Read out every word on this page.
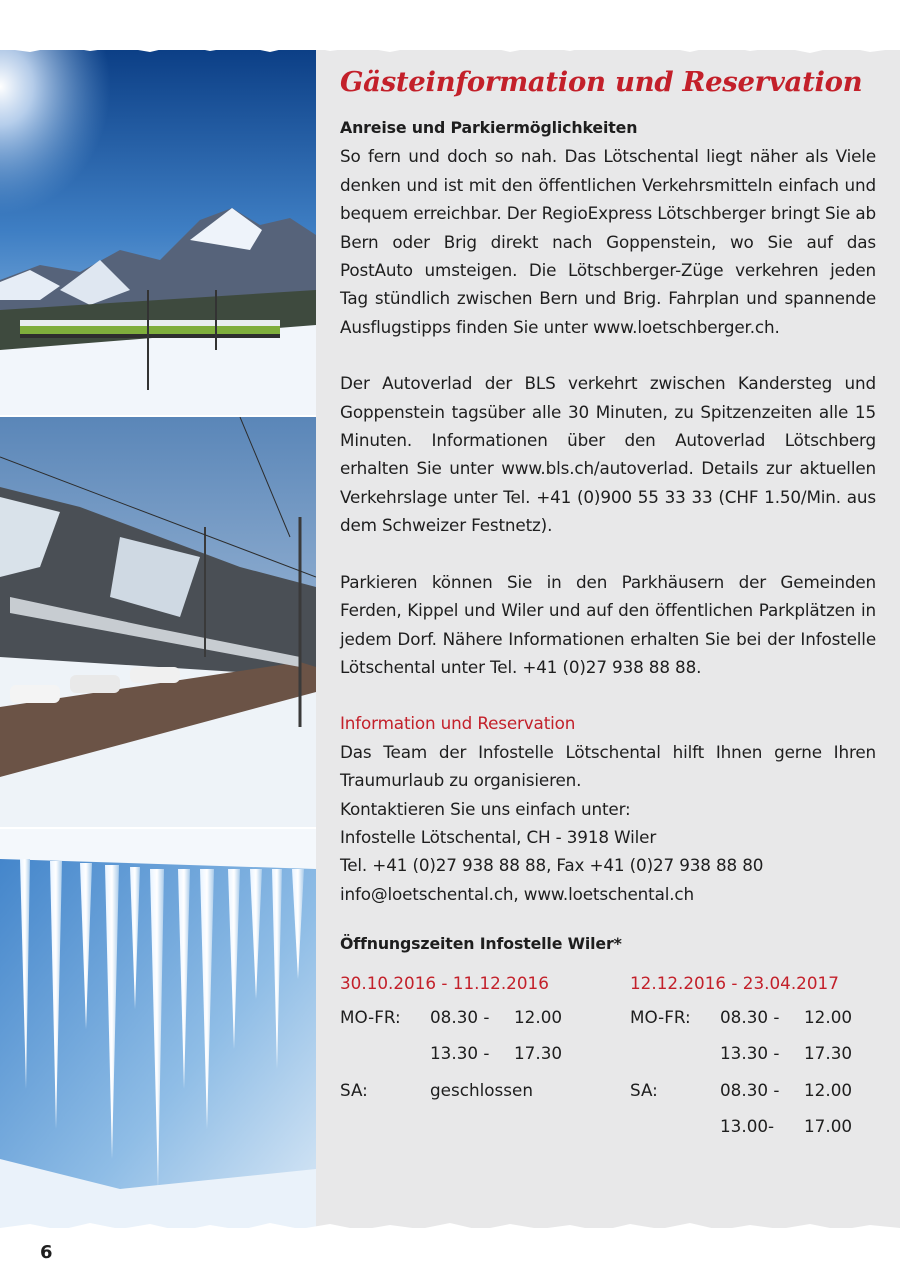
Gästeinformation und Reservation

Anreise und Parkiermöglichkeiten

So fern und doch so nah. Das Lötschental liegt näher als Viele denken und ist mit den öffentlichen Verkehrsmitteln einfach und bequem erreichbar. Der RegioExpress Lötschberger bringt Sie ab Bern oder Brig direkt nach Goppenstein, wo Sie auf das PostAuto umsteigen. Die Lötschberger-Züge verkehren jeden Tag stündlich zwischen Bern und Brig. Fahrplan und spannende Ausflugstipps finden Sie unter www.loetschberger.ch.

Der Autoverlad der BLS verkehrt zwischen Kandersteg und Goppenstein tagsüber alle 30 Minuten, zu Spitzenzeiten alle 15 Minuten. Informationen über den Autoverlad Lötschberg erhalten Sie unter www.bls.ch/autoverlad. Details zur aktuellen Verkehrslage unter Tel. +41 (0)900 55 33 33 (CHF 1.50/Min. aus dem Schweizer Festnetz).

Parkieren können Sie in den Parkhäusern der Gemeinden Ferden, Kippel und Wiler und auf den öffentlichen Parkplätzen in jedem Dorf. Nähere Informationen erhalten Sie bei der Infostelle Lötschental unter Tel. +41 (0)27 938 88 88.

Information und Reservation

Das Team der Infostelle Lötschental hilft Ihnen gerne Ihren Traumurlaub zu organisieren.

Kontaktieren Sie uns einfach unter:

Infostelle Lötschental, CH - 3918 Wiler

Tel. +41 (0)27 938 88 88, Fax +41 (0)27 938 88 80

info@loetschental.ch, www.loetschental.ch

Öffnungszeiten Infostelle Wiler*

30.10.2016 - 11.12.2016
MO-FR: 08.30 - 12.00
13.30 - 17.30
SA:	geschlossen
12.12.2016 - 23.04.2017
MO-FR: 08.30 - 12.00
13.30 - 17.30
SA:	08.30 - 12.00
13.00- 17.00
6
